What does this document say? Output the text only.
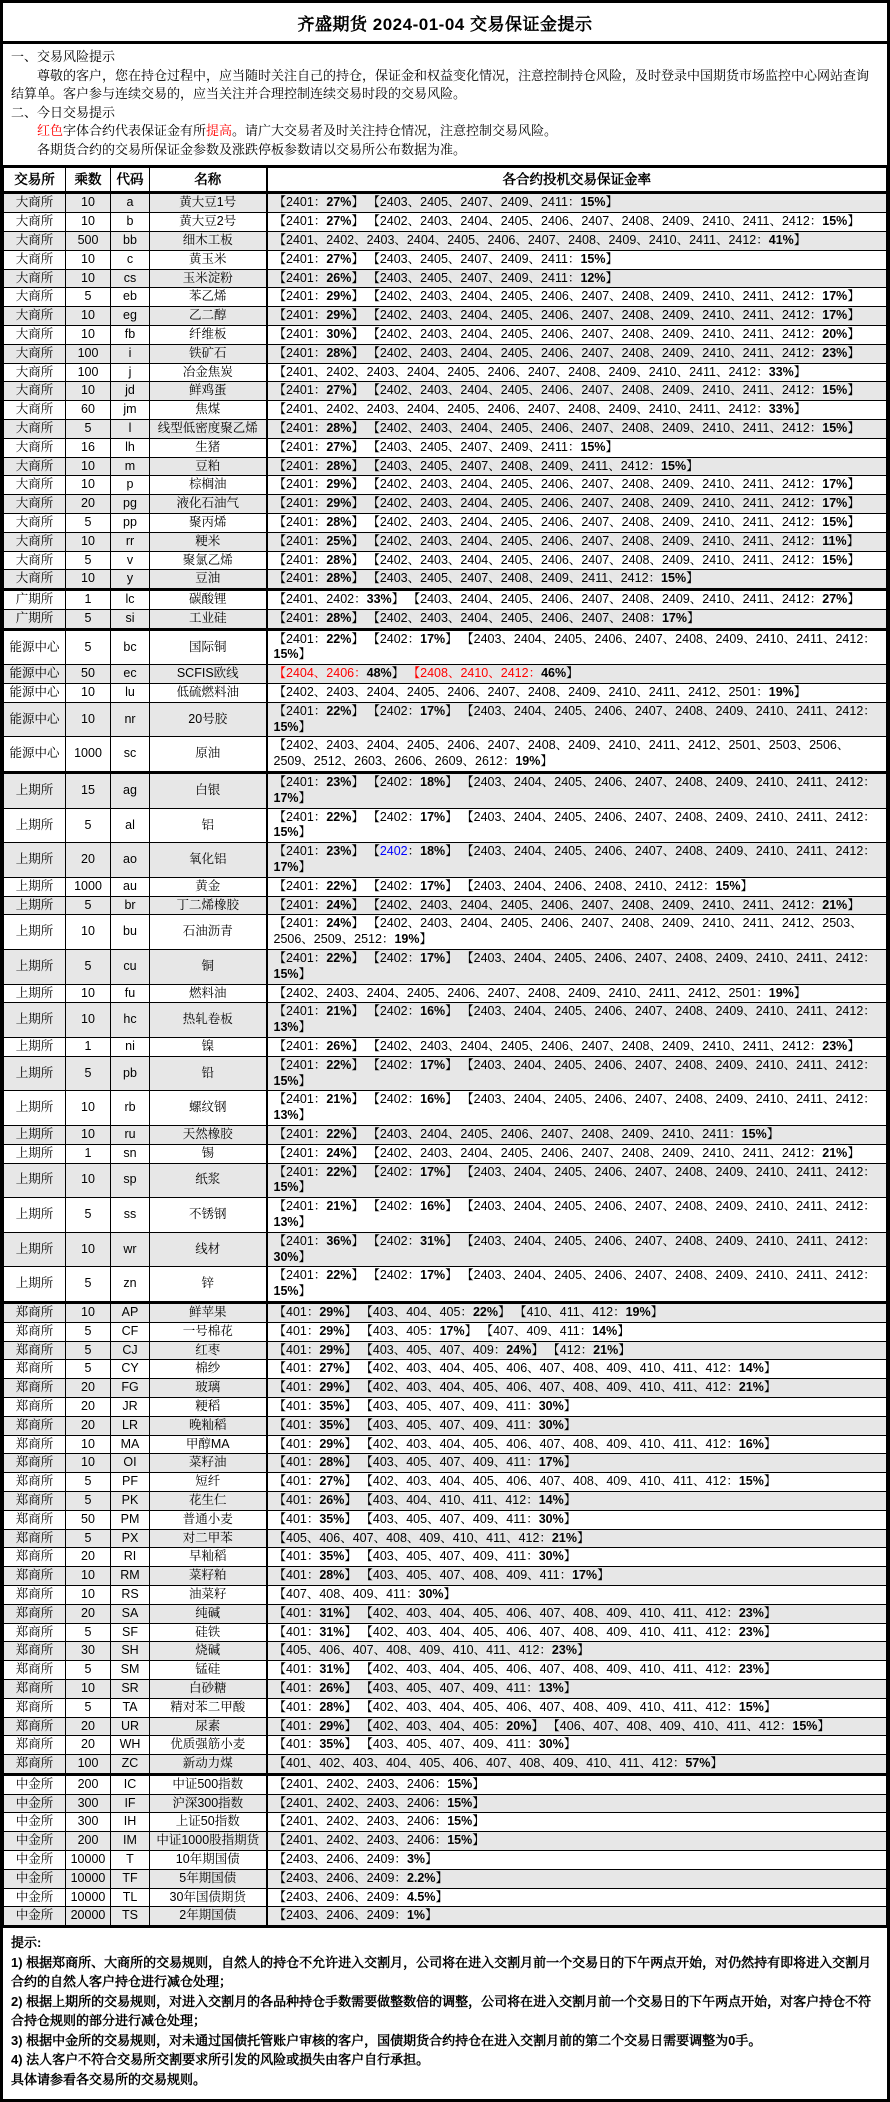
齐盛期货 2024-01-04 交易保证金提示

一、交易风险提示

尊敬的客户，您在持仓过程中，应当随时关注自己的持仓，保证金和权益变化情况，注意控制持仓风险，及时登录中国期货市场监控中心网站查询结算单。客户参与连续交易的，应当关注并合理控制连续交易时段的交易风险。

二、今日交易提示

红色字体合约代表保证金有所提高。请广大交易者及时关注持仓情况，注意控制交易风险。

各期货合约的交易所保证金参数及涨跌停板参数请以交易所公布数据为准。

交易所	乘数	代码	名称	各合约投机交易保证金率
大商所	10	a	黄大豆1号	【2401：27%】 【2403、2405、2407、2409、2411：15%】
大商所	10	b	黄大豆2号	【2401：27%】 【2402、2403、2404、2405、2406、2407、2408、2409、2410、2411、2412：15%】
大商所	500	bb	细木工板	【2401、2402、2403、2404、2405、2406、2407、2408、2409、2410、2411、2412：41%】
大商所	10	c	黄玉米	【2401：27%】 【2403、2405、2407、2409、2411：15%】
大商所	10	cs	玉米淀粉	【2401：26%】 【2403、2405、2407、2409、2411：12%】
大商所	5	eb	苯乙烯	【2401：29%】 【2402、2403、2404、2405、2406、2407、2408、2409、2410、2411、2412：17%】
大商所	10	eg	乙二醇	【2401：29%】 【2402、2403、2404、2405、2406、2407、2408、2409、2410、2411、2412：17%】
大商所	10	fb	纤维板	【2401：30%】 【2402、2403、2404、2405、2406、2407、2408、2409、2410、2411、2412：20%】
大商所	100	i	铁矿石	【2401：28%】 【2402、2403、2404、2405、2406、2407、2408、2409、2410、2411、2412：23%】
大商所	100	j	冶金焦炭	【2401、2402、2403、2404、2405、2406、2407、2408、2409、2410、2411、2412：33%】
大商所	10	jd	鲜鸡蛋	【2401：27%】 【2402、2403、2404、2405、2406、2407、2408、2409、2410、2411、2412：15%】
大商所	60	jm	焦煤	【2401、2402、2403、2404、2405、2406、2407、2408、2409、2410、2411、2412：33%】
大商所	5	l	线型低密度聚乙烯	【2401：28%】 【2402、2403、2404、2405、2406、2407、2408、2409、2410、2411、2412：15%】
大商所	16	lh	生猪	【2401：27%】 【2403、2405、2407、2409、2411：15%】
大商所	10	m	豆粕	【2401：28%】 【2403、2405、2407、2408、2409、2411、2412：15%】
大商所	10	p	棕榈油	【2401：29%】 【2402、2403、2404、2405、2406、2407、2408、2409、2410、2411、2412：17%】
大商所	20	pg	液化石油气	【2401：29%】 【2402、2403、2404、2405、2406、2407、2408、2409、2410、2411、2412：17%】
大商所	5	pp	聚丙烯	【2401：28%】 【2402、2403、2404、2405、2406、2407、2408、2409、2410、2411、2412：15%】
大商所	10	rr	粳米	【2401：25%】 【2402、2403、2404、2405、2406、2407、2408、2409、2410、2411、2412：11%】
大商所	5	v	聚氯乙烯	【2401：28%】 【2402、2403、2404、2405、2406、2407、2408、2409、2410、2411、2412：15%】
大商所	10	y	豆油	【2401：28%】 【2403、2405、2407、2408、2409、2411、2412：15%】
广期所	1	lc	碳酸锂	【2401、2402：33%】 【2403、2404、2405、2406、2407、2408、2409、2410、2411、2412：27%】
广期所	5	si	工业硅	【2401：28%】 【2402、2403、2404、2405、2406、2407、2408：17%】
能源中心	5	bc	国际铜	【2401：22%】 【2402：17%】 【2403、2404、2405、2406、2407、2408、2409、2410、2411、2412：15%】
能源中心	50	ec	SCFIS欧线	【2404、2406：48%】 【2408、2410、2412：46%】
能源中心	10	lu	低硫燃料油	【2402、2403、2404、2405、2406、2407、2408、2409、2410、2411、2412、2501：19%】
能源中心	10	nr	20号胶	【2401：22%】 【2402：17%】 【2403、2404、2405、2406、2407、2408、2409、2410、2411、2412：15%】
能源中心	1000	sc	原油	【2402、2403、2404、2405、2406、2407、2408、2409、2410、2411、2412、2501、2503、2506、2509、2512、2603、2606、2609、2612：19%】
上期所	15	ag	白银	【2401：23%】 【2402：18%】 【2403、2404、2405、2406、2407、2408、2409、2410、2411、2412：17%】
上期所	5	al	铝	【2401：22%】 【2402：17%】 【2403、2404、2405、2406、2407、2408、2409、2410、2411、2412：15%】
上期所	20	ao	氧化铝	【2401：23%】 【2402：18%】 【2403、2404、2405、2406、2407、2408、2409、2410、2411、2412：17%】
上期所	1000	au	黄金	【2401：22%】 【2402：17%】 【2403、2404、2406、2408、2410、2412：15%】
上期所	5	br	丁二烯橡胶	【2401：24%】 【2402、2403、2404、2405、2406、2407、2408、2409、2410、2411、2412：21%】
上期所	10	bu	石油沥青	【2401：24%】 【2402、2403、2404、2405、2406、2407、2408、2409、2410、2411、2412、2503、2506、2509、2512：19%】
上期所	5	cu	铜	【2401：22%】 【2402：17%】 【2403、2404、2405、2406、2407、2408、2409、2410、2411、2412：15%】
上期所	10	fu	燃料油	【2402、2403、2404、2405、2406、2407、2408、2409、2410、2411、2412、2501：19%】
上期所	10	hc	热轧卷板	【2401：21%】 【2402：16%】 【2403、2404、2405、2406、2407、2408、2409、2410、2411、2412：13%】
上期所	1	ni	镍	【2401：26%】 【2402、2403、2404、2405、2406、2407、2408、2409、2410、2411、2412：23%】
上期所	5	pb	铅	【2401：22%】 【2402：17%】 【2403、2404、2405、2406、2407、2408、2409、2410、2411、2412：15%】
上期所	10	rb	螺纹钢	【2401：21%】 【2402：16%】 【2403、2404、2405、2406、2407、2408、2409、2410、2411、2412：13%】
上期所	10	ru	天然橡胶	【2401：22%】 【2403、2404、2405、2406、2407、2408、2409、2410、2411：15%】
上期所	1	sn	锡	【2401：24%】 【2402、2403、2404、2405、2406、2407、2408、2409、2410、2411、2412：21%】
上期所	10	sp	纸浆	【2401：22%】 【2402：17%】 【2403、2404、2405、2406、2407、2408、2409、2410、2411、2412：15%】
上期所	5	ss	不锈钢	【2401：21%】 【2402：16%】 【2403、2404、2405、2406、2407、2408、2409、2410、2411、2412：13%】
上期所	10	wr	线材	【2401：36%】 【2402：31%】 【2403、2404、2405、2406、2407、2408、2409、2410、2411、2412：30%】
上期所	5	zn	锌	【2401：22%】 【2402：17%】 【2403、2404、2405、2406、2407、2408、2409、2410、2411、2412：15%】
郑商所	10	AP	鲜苹果	【401：29%】 【403、404、405：22%】 【410、411、412：19%】
郑商所	5	CF	一号棉花	【401：29%】 【403、405：17%】 【407、409、411：14%】
郑商所	5	CJ	红枣	【401：29%】 【403、405、407、409：24%】 【412：21%】
郑商所	5	CY	棉纱	【401：27%】 【402、403、404、405、406、407、408、409、410、411、412：14%】
郑商所	20	FG	玻璃	【401：29%】 【402、403、404、405、406、407、408、409、410、411、412：21%】
郑商所	20	JR	粳稻	【401：35%】 【403、405、407、409、411：30%】
郑商所	20	LR	晚籼稻	【401：35%】 【403、405、407、409、411：30%】
郑商所	10	MA	甲醇MA	【401：29%】 【402、403、404、405、406、407、408、409、410、411、412：16%】
郑商所	10	OI	菜籽油	【401：28%】 【403、405、407、409、411：17%】
郑商所	5	PF	短纤	【401：27%】 【402、403、404、405、406、407、408、409、410、411、412：15%】
郑商所	5	PK	花生仁	【401：26%】 【403、404、410、411、412：14%】
郑商所	50	PM	普通小麦	【401：35%】 【403、405、407、409、411：30%】
郑商所	5	PX	对二甲苯	【405、406、407、408、409、410、411、412：21%】
郑商所	20	RI	早籼稻	【401：35%】 【403、405、407、409、411：30%】
郑商所	10	RM	菜籽粕	【401：28%】 【403、405、407、408、409、411：17%】
郑商所	10	RS	油菜籽	【407、408、409、411：30%】
郑商所	20	SA	纯碱	【401：31%】 【402、403、404、405、406、407、408、409、410、411、412：23%】
郑商所	5	SF	硅铁	【401：31%】 【402、403、404、405、406、407、408、409、410、411、412：23%】
郑商所	30	SH	烧碱	【405、406、407、408、409、410、411、412：23%】
郑商所	5	SM	锰硅	【401：31%】 【402、403、404、405、406、407、408、409、410、411、412：23%】
郑商所	10	SR	白砂糖	【401：26%】 【403、405、407、409、411：13%】
郑商所	5	TA	精对苯二甲酸	【401：28%】 【402、403、404、405、406、407、408、409、410、411、412：15%】
郑商所	20	UR	尿素	【401：29%】 【402、403、404、405：20%】 【406、407、408、409、410、411、412：15%】
郑商所	20	WH	优质强筋小麦	【401：35%】 【403、405、407、409、411：30%】
郑商所	100	ZC	新动力煤	【401、402、403、404、405、406、407、408、409、410、411、412：57%】
中金所	200	IC	中证500指数	【2401、2402、2403、2406：15%】
中金所	300	IF	沪深300指数	【2401、2402、2403、2406：15%】
中金所	300	IH	上证50指数	【2401、2402、2403、2406：15%】
中金所	200	IM	中证1000股指期货	【2401、2402、2403、2406：15%】
中金所	10000	T	10年期国债	【2403、2406、2409：3%】
中金所	10000	TF	5年期国债	【2403、2406、2409：2.2%】
中金所	10000	TL	30年国债期货	【2403、2406、2409：4.5%】
中金所	20000	TS	2年期国债	【2403、2406、2409：1%】

提示:

1) 根据郑商所、大商所的交易规则，自然人的持仓不允许进入交割月，公司将在进入交割月前一个交易日的下午两点开始，对仍然持有即将进入交割月合约的自然人客户持仓进行减仓处理；

2) 根据上期所的交易规则，对进入交割月的各品种持仓手数需要做整数倍的调整，公司将在进入交割月前一个交易日的下午两点开始，对客户持仓不符合持仓规则的部分进行减仓处理；

3) 根据中金所的交易规则，对未通过国债托管账户审核的客户，国债期货合约持仓在进入交割月前的第二个交易日需要调整为0手。

4) 法人客户不符合交易所交割要求所引发的风险或损失由客户自行承担。

具体请参看各交易所的交易规则。
